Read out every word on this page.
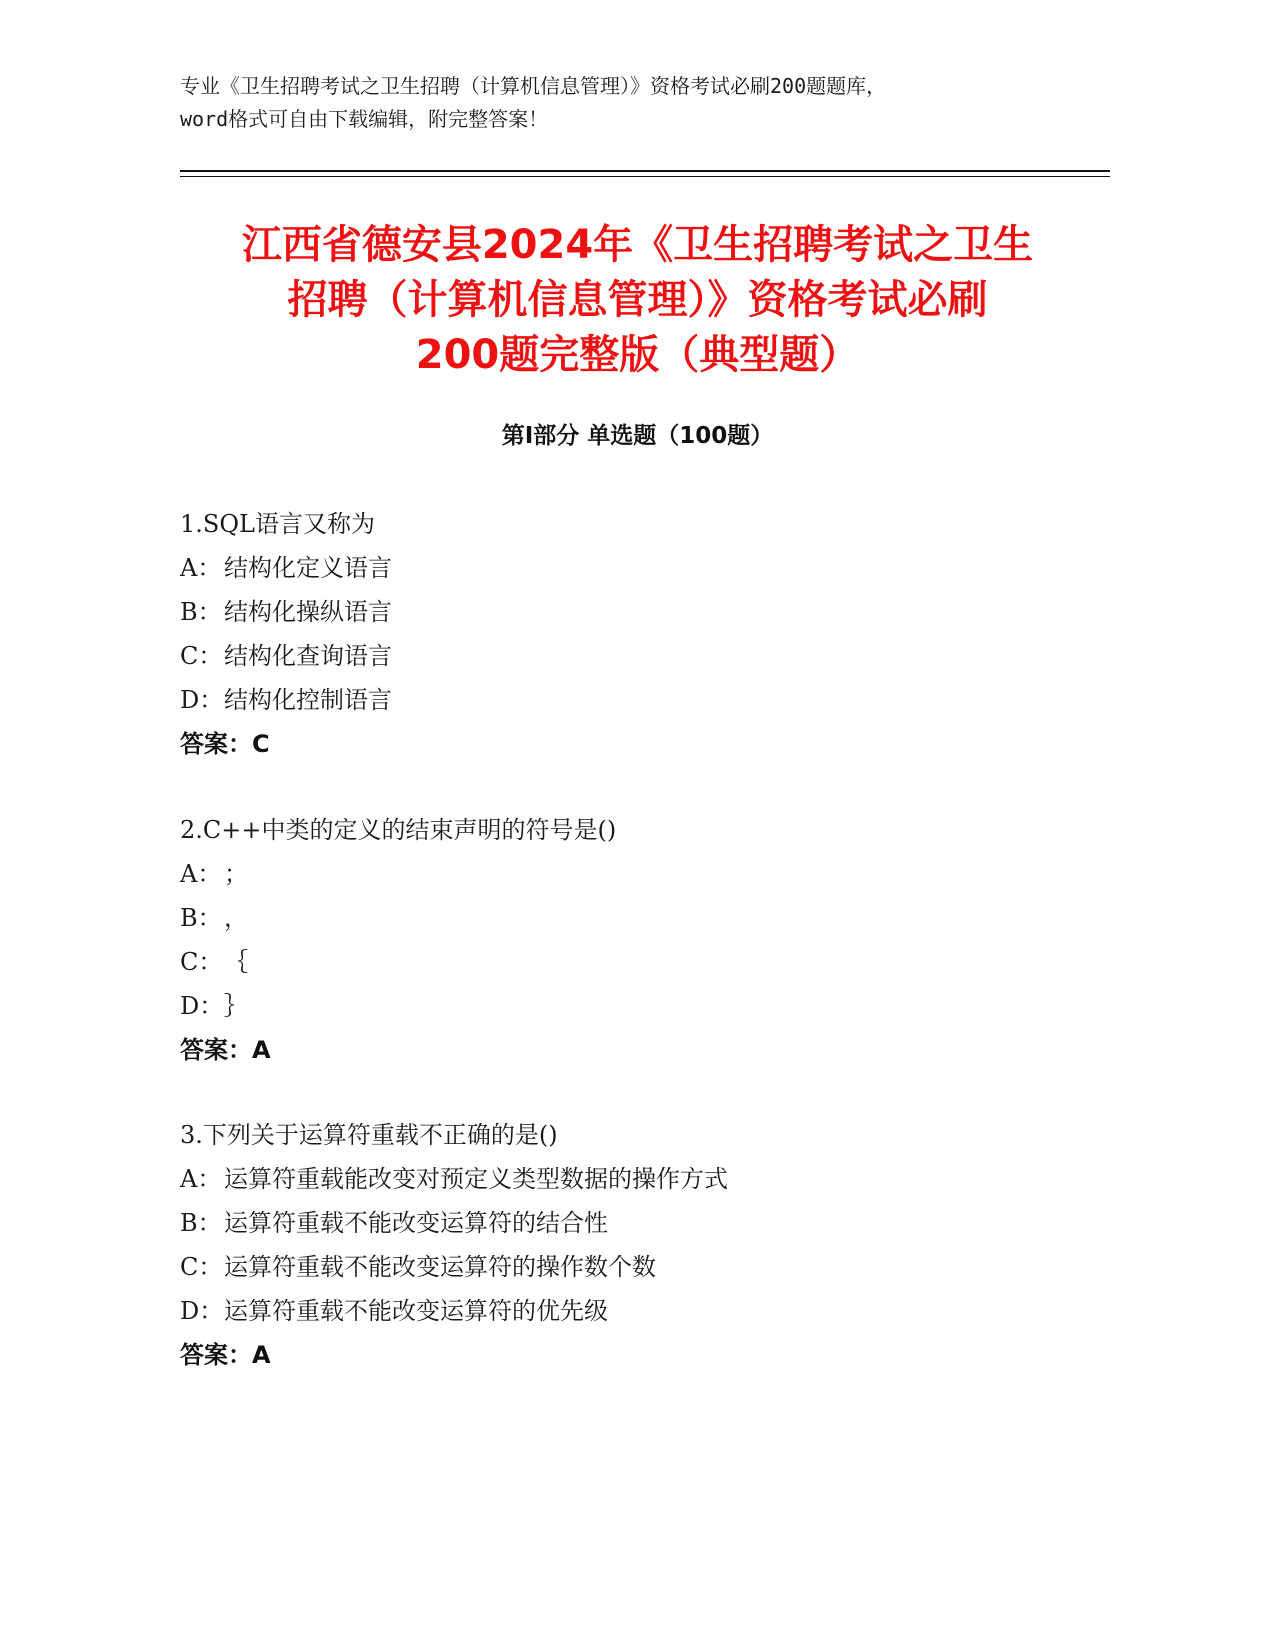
专业《卫生招聘考试之卫生招聘（计算机信息管理）》资格考试必刷200题题库，
word格式可自由下载编辑，附完整答案！
江西省德安县2024年《卫生招聘考试之卫生
招聘（计算机信息管理）》资格考试必刷
200题完整版（典型题）
第Ⅰ部分 单选题（100题）
1.SQL语言又称为
A： 结构化定义语言
B：结构化操纵语言
C：结构化查询语言
D：结构化控制语言
答案：C
2.C++中类的定义的结束声明的符号是()
A： ；
B：，
C：｛
D：｝
答案：A
3.下列关于运算符重载不正确的是()
A： 运算符重载能改变对预定义类型数据的操作方式
B：运算符重载不能改变运算符的结合性
C：运算符重载不能改变运算符的操作数个数
D：运算符重载不能改变运算符的优先级
答案：A
